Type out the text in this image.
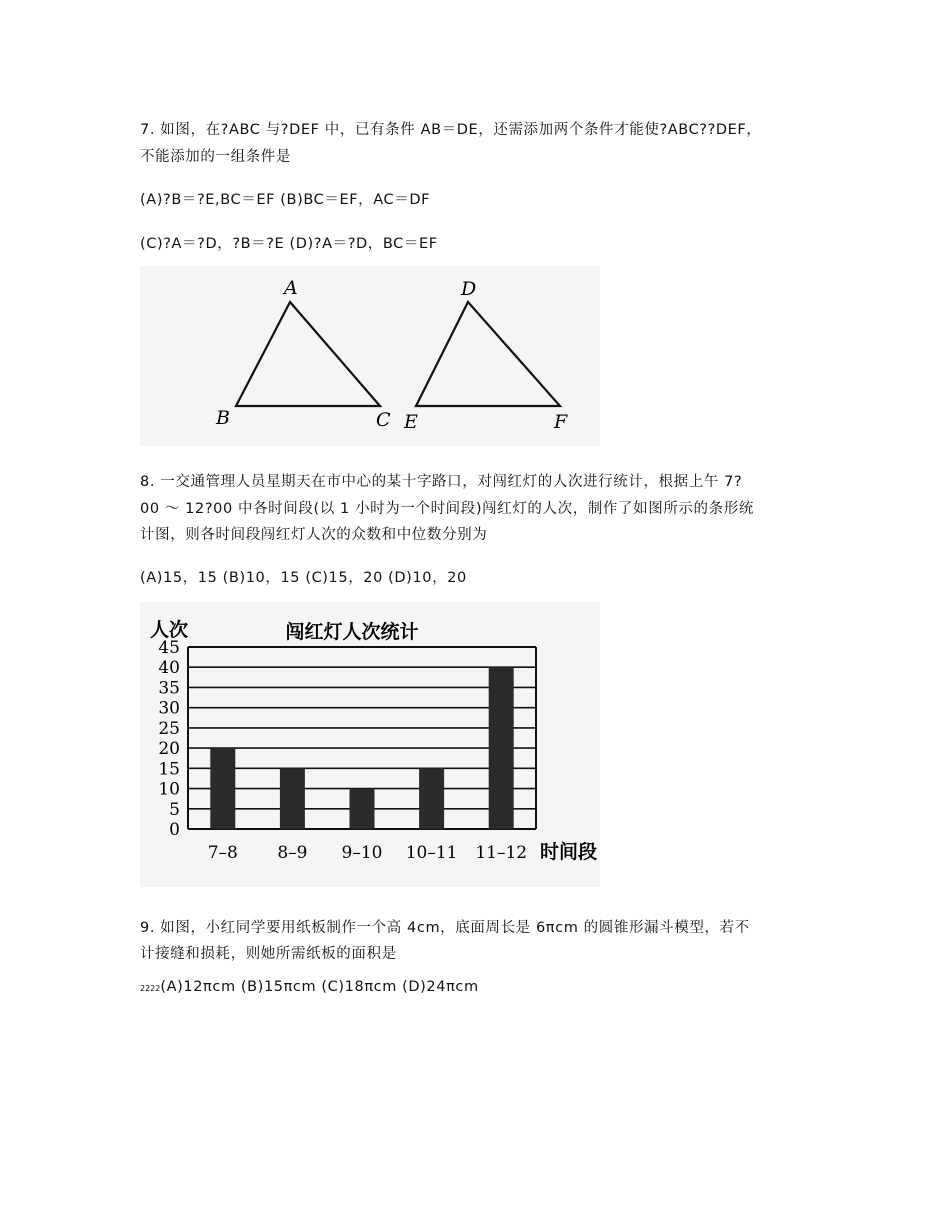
7. 如图，在?ABC 与?DEF 中，已有条件 AB＝DE，还需添加两个条件才能使?ABC??DEF，
不能添加的一组条件是
(A)?B＝?E,BC＝EF (B)BC＝EF，AC＝DF
(C)?A＝?D，?B＝?E (D)?A＝?D，BC＝EF
A
B	C
D
E	F
8. 一交通管理人员星期天在市中心的某十字路口，对闯红灯的人次进行统计，根据上午 7?
00 ～ 12?00 中各时间段(以 1 小时为一个时间段)闯红灯的人次，制作了如图所示的条形统
计图，则各时间段闯红灯人次的众数和中位数分别为
(A)15，15 (B)10，15 (C)15，20 (D)10，20
0
5
10
15
20
25
30
35
40
45
7–8 8–9 9–10 10–11 11–12
闯红灯人次统计
人次
时间段
9. 如图，小红同学要用纸板制作一个高 4cm，底面周长是 6πcm 的圆锥形漏斗模型，若不
计接缝和损耗，则她所需纸板的面积是
2222(A)12πcm (B)15πcm (C)18πcm (D)24πcm
